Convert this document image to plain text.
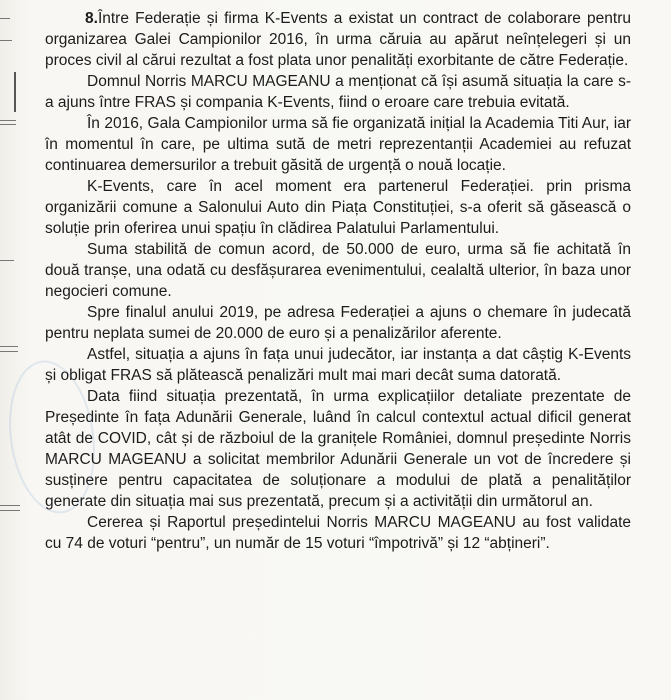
8.Între Federație și firma K-Events a existat un contract de colaborare pentru organizarea Galei Campionilor 2016, în urma căruia au apărut neînțelegeri și un proces civil al cărui rezultat a fost plata unor penalități exorbitante de către Federație.

Domnul Norris MARCU MAGEANU a menționat că își asumă situația la care s-a ajuns între FRAS și compania K-Events, fiind o eroare care trebuia evitată.

În 2016, Gala Campionilor urma să fie organizată inițial la Academia Titi Aur, iar în momentul în care, pe ultima sută de metri reprezentanții Academiei au refuzat continuarea demersurilor a trebuit găsită de urgență o nouă locație.

K-Events, care în acel moment era partenerul Federației. prin prisma organizării comune a Salonului Auto din Piața Constituției, s-a oferit să găsească o soluție prin oferirea unui spațiu în clădirea Palatului Parlamentului.

Suma stabilită de comun acord, de 50.000 de euro, urma să fie achitată în două tranșe, una odată cu desfășurarea evenimentului, cealaltă ulterior, în baza unor negocieri comune.

Spre finalul anului 2019, pe adresa Federației a ajuns o chemare în judecată pentru neplata sumei de 20.000 de euro și a penalizărilor aferente.

Astfel, situația a ajuns în fața unui judecător, iar instanța a dat câștig K-Events și obligat FRAS să plătească penalizări mult mai mari decât suma datorată.

Data fiind situația prezentată, în urma explicațiilor detaliate prezentate de Președinte în fața Adunării Generale, luând în calcul contextul actual dificil generat atât de COVID, cât și de războiul de la granițele României, domnul președinte Norris MARCU MAGEANU a solicitat membrilor Adunării Generale un vot de încredere și susținere pentru capacitatea de soluționare a modului de plată a penalităților generate din situația mai sus prezentată, precum și a activității din următorul an.

Cererea și Raportul președintelui Norris MARCU MAGEANU au fost validate cu 74 de voturi “pentru”, un număr de 15 voturi “împotrivă” și 12 “abțineri”.
